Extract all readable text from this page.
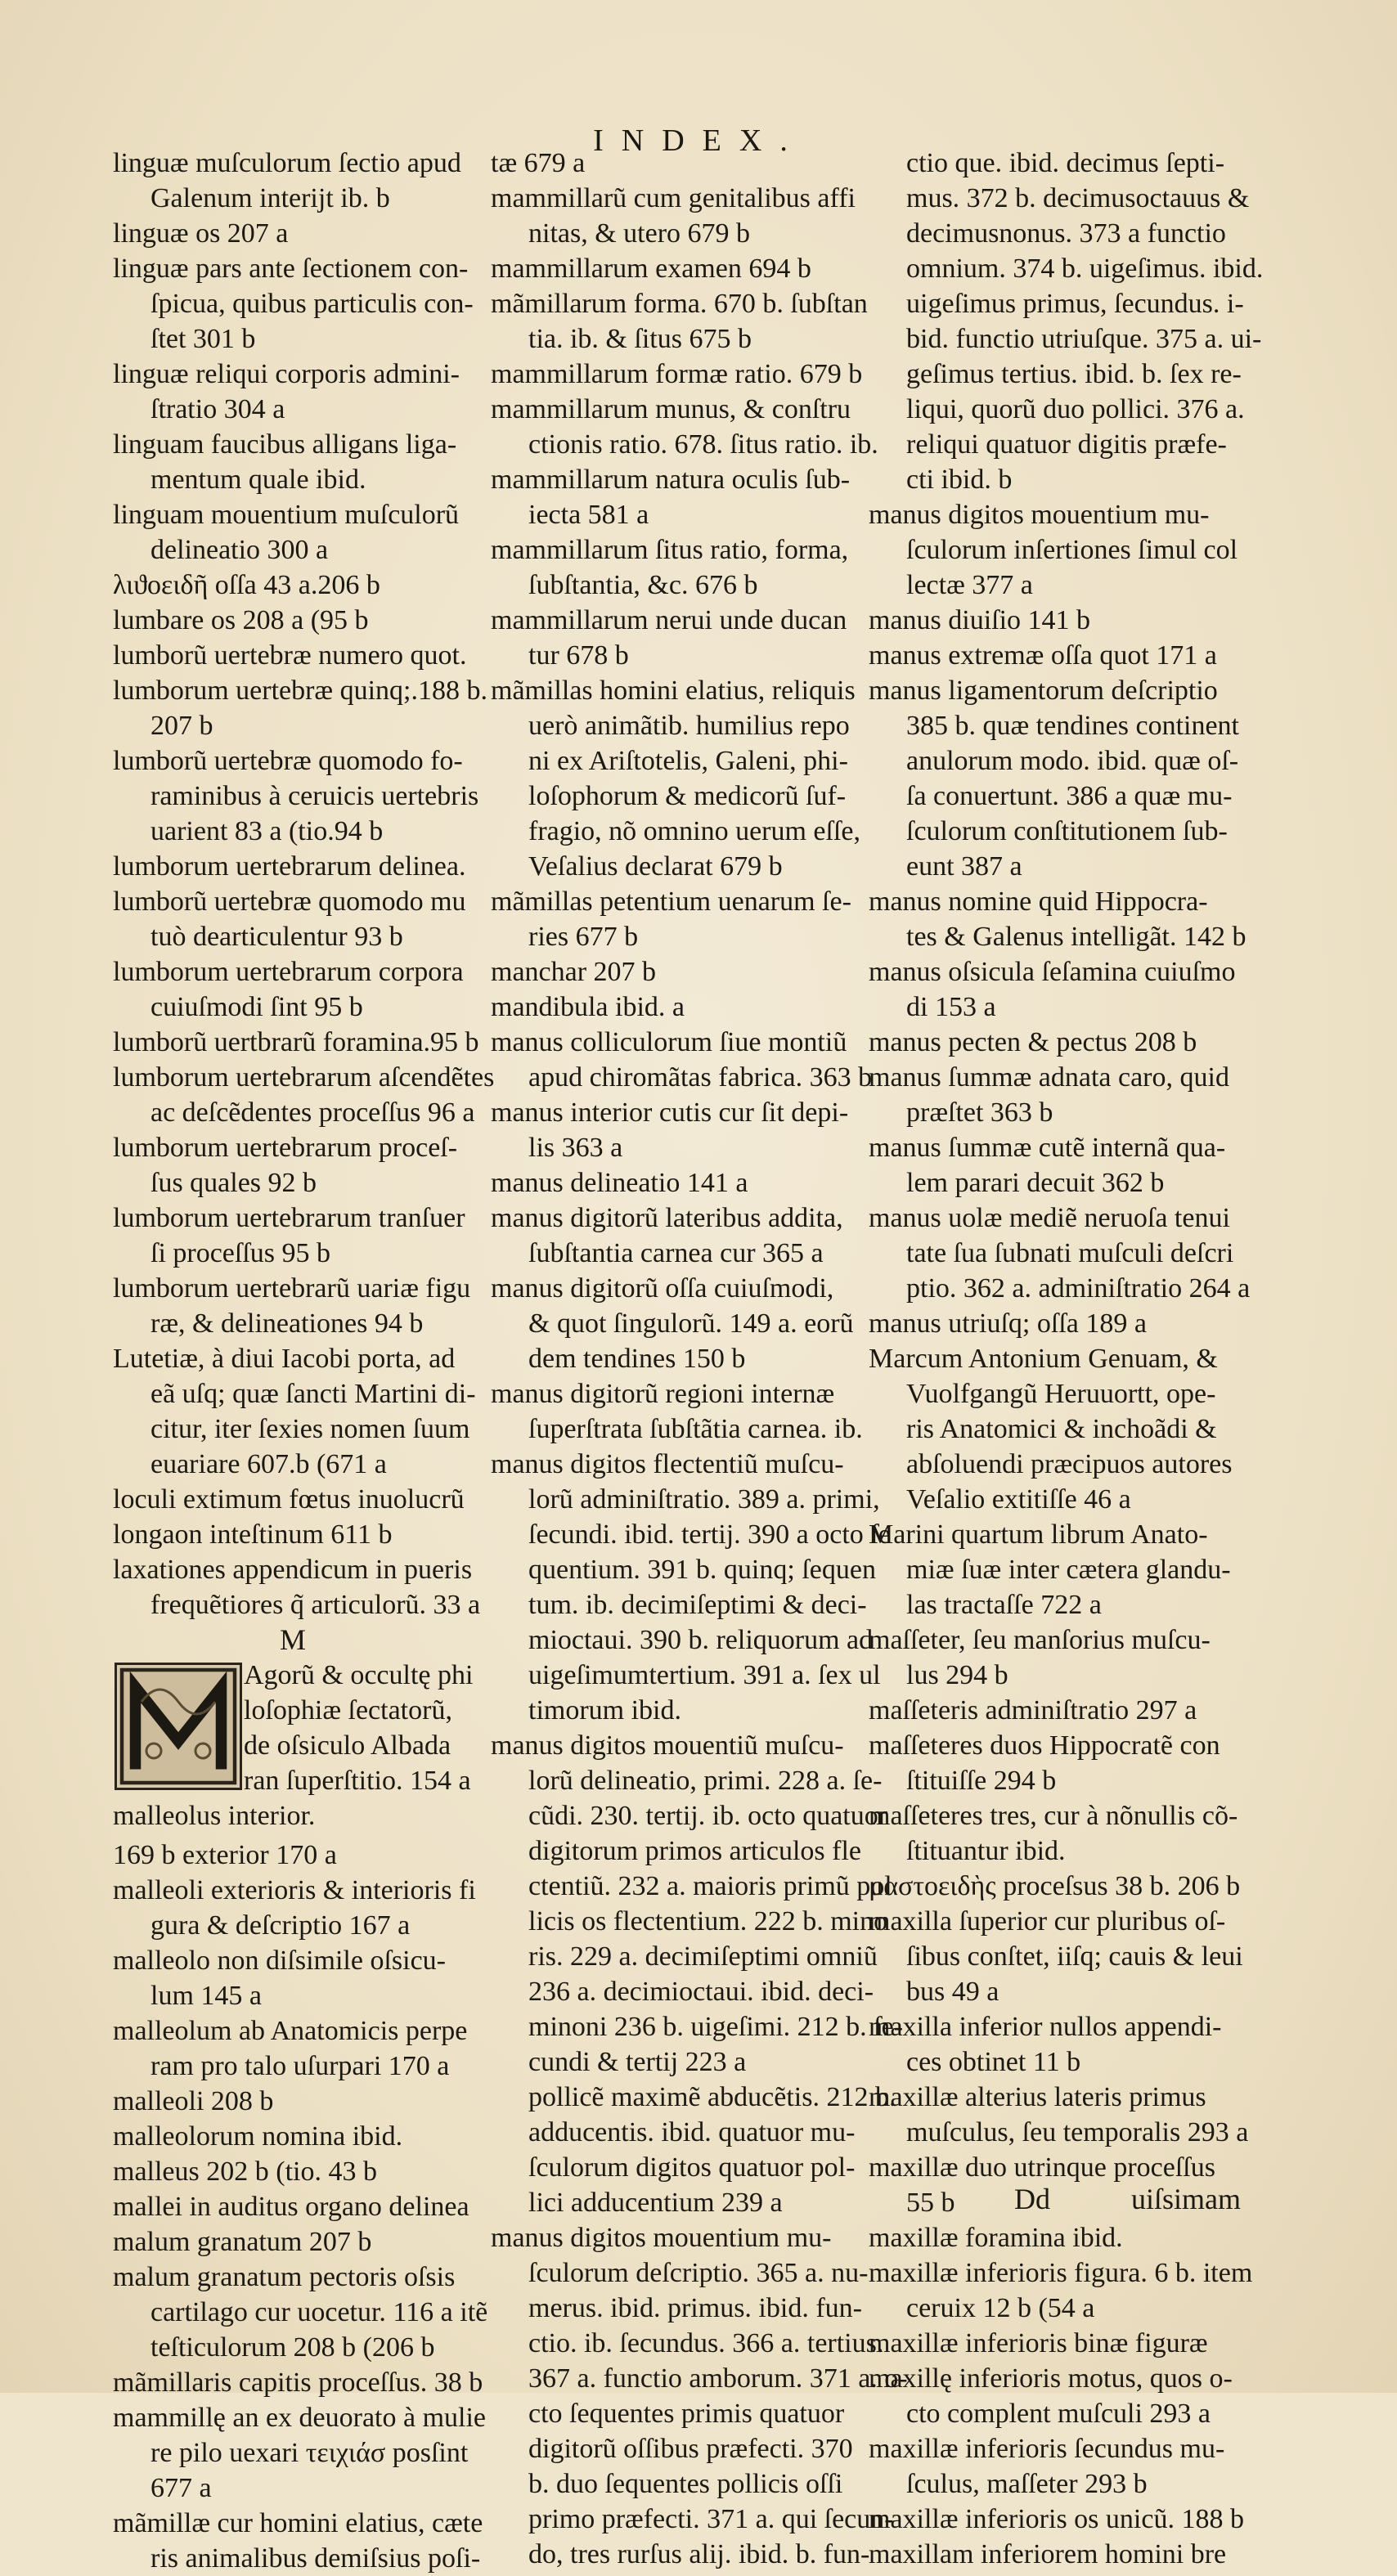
INDEX.
linguæ muſculorum ſectio apud
Galenum interijt ib. b
linguæ os 207 a
linguæ pars ante ſectionem con-
ſpicua, quibus particulis con-
ſtet 301 b
linguæ reliqui corporis admini-
ſtratio 304 a
linguam faucibus alligans liga-
mentum quale ibid.
linguam mouentium muſculorũ
delineatio 300 a
λιϑοειδῆ oſſa 43 a.206 b
lumbare os 208 a (95 b
lumborũ uertebræ numero quot.
lumborum uertebræ quinq;.188 b.
207 b
lumborũ uertebræ quomodo fo-
raminibus à ceruicis uertebris
uarient 83 a (tio.94 b
lumborum uertebrarum delinea.
lumborũ uertebræ quomodo mu
tuò dearticulentur 93 b
lumborum uertebrarum corpora
cuiuſmodi ſint 95 b
lumborũ uertbrarũ foramina.95 b
lumborum uertebrarum aſcendẽtes
ac deſcẽdentes proceſſus 96 a
lumborum uertebrarum proceſ-
ſus quales 92 b
lumborum uertebrarum tranſuer
ſi proceſſus 95 b
lumborum uertebrarũ uariæ figu
ræ, & delineationes 94 b
Lutetiæ, à diui Iacobi porta, ad
eã uſq; quæ ſancti Martini di-
citur, iter ſexies nomen ſuum
euariare 607.b (671 a
loculi extimum fœtus inuolucrũ
longaon inteſtinum 611 b
laxationes appendicum in pueris
frequẽtiores q̃ articulorũ. 33 a
M
Agorũ & occultę phi
loſophiæ ſectatorũ,
de oſsiculo Albada
ran ſuperſtitio. 154 a
malleolus interior.
169 b exterior 170 a
malleoli exterioris & interioris fi
gura & deſcriptio 167 a
malleolo non diſsimile oſsicu-
lum 145 a
malleolum ab Anatomicis perpe
ram pro talo uſurpari 170 a
malleoli 208 b
malleolorum nomina ibid.
malleus 202 b (tio. 43 b
mallei in auditus organo delinea
malum granatum 207 b
malum granatum pectoris oſsis
cartilago cur uocetur. 116 a itẽ
teſticulorum 208 b (206 b
mãmillaris capitis proceſſus. 38 b
mammillę an ex deuorato à mulie
re pilo uexari τειχιάσ posſint
677 a
mãmillæ cur homini elatius, cæte
ris animalibus demiſsius poſi-
tæ 679 a
mammillarũ cum genitalibus affi
nitas, & utero 679 b
mammillarum examen 694 b
mãmillarum forma. 670 b. ſubſtan
tia. ib. & ſitus 675 b
mammillarum formæ ratio. 679 b
mammillarum munus, & conſtru
ctionis ratio. 678. ſitus ratio. ib.
mammillarum natura oculis ſub-
iecta 581 a
mammillarum ſitus ratio, forma,
ſubſtantia, &c. 676 b
mammillarum nerui unde ducan
tur 678 b
mãmillas homini elatius, reliquis
uerò animãtib. humilius repo
ni ex Ariſtotelis, Galeni, phi-
loſophorum & medicorũ ſuf-
fragio, nõ omnino uerum eſſe,
Veſalius declarat 679 b
mãmillas petentium uenarum ſe-
ries 677 b
manchar 207 b
mandibula ibid. a
manus colliculorum ſiue montiũ
apud chiromãtas fabrica. 363 b
manus interior cutis cur ſit depi-
lis 363 a
manus delineatio 141 a
manus digitorũ lateribus addita,
ſubſtantia carnea cur 365 a
manus digitorũ oſſa cuiuſmodi,
& quot ſingulorũ. 149 a. eorũ
dem tendines 150 b
manus digitorũ regioni internæ
ſuperſtrata ſubſtãtia carnea. ib.
manus digitos flectentiũ muſcu-
lorũ adminiſtratio. 389 a. primi,
ſecundi. ibid. tertij. 390 a octo ſe
quentium. 391 b. quinq; ſequen
tum. ib. decimiſeptimi & deci-
mioctaui. 390 b. reliquorum ad
uigeſimumtertium. 391 a. ſex ul
timorum ibid.
manus digitos mouentiũ muſcu-
lorũ delineatio, primi. 228 a. ſe-
cũdi. 230. tertij. ib. octo quatuor
digitorum primos articulos fle
ctentiũ. 232 a. maioris primũ pol
licis os flectentium. 222 b. mino
ris. 229 a. decimiſeptimi omniũ
236 a. decimioctaui. ibid. deci-
minoni 236 b. uigeſimi. 212 b. ſe-
cundi & tertij 223 a
pollicẽ maximẽ abducẽtis. 212 b.
adducentis. ibid. quatuor mu-
ſculorum digitos quatuor pol-
lici adducentium 239 a
manus digitos mouentium mu-
ſculorum deſcriptio. 365 a. nu-
merus. ibid. primus. ibid. fun-
ctio. ib. ſecundus. 366 a. tertius.
367 a. functio amborum. 371 a. o-
cto ſequentes primis quatuor
digitorũ oſſibus præfecti. 370
b. duo ſequentes pollicis oſſi
primo præfecti. 371 a. qui ſecun-
do, tres rurſus alij. ibid. b. fun-
ctio que. ibid. decimus ſepti-
mus. 372 b. decimusoctauus &
decimusnonus. 373 a functio
omnium. 374 b. uigeſimus. ibid.
uigeſimus primus, ſecundus. i-
bid. functio utriuſque. 375 a. ui-
geſimus tertius. ibid. b. ſex re-
liqui, quorũ duo pollici. 376 a.
reliqui quatuor digitis præfe-
cti ibid. b
manus digitos mouentium mu-
ſculorum inſertiones ſimul col
lectæ 377 a
manus diuiſio 141 b
manus extremæ oſſa quot 171 a
manus ligamentorum deſcriptio
385 b. quæ tendines continent
anulorum modo. ibid. quæ oſ-
ſa conuertunt. 386 a quæ mu-
ſculorum conſtitutionem ſub-
eunt 387 a
manus nomine quid Hippocra-
tes & Galenus intelligãt. 142 b
manus oſsicula ſeſamina cuiuſmo
di 153 a
manus pecten & pectus 208 b
manus ſummæ adnata caro, quid
præſtet 363 b
manus ſummæ cutẽ internã qua-
lem parari decuit 362 b
manus uolæ mediẽ neruoſa tenui
tate ſua ſubnati muſculi deſcri
ptio. 362 a. adminiſtratio 264 a
manus utriuſq; oſſa 189 a
Marcum Antonium Genuam, &
Vuolfgangũ Heruuortt, ope-
ris Anatomici & inchoãdi &
abſoluendi præcipuos autores
Veſalio extitiſſe 46 a
Marini quartum librum Anato-
miæ ſuæ inter cætera glandu-
las tractaſſe 722 a
maſſeter, ſeu manſorius muſcu-
lus 294 b
maſſeteris adminiſtratio 297 a
maſſeteres duos Hippocratẽ con
ſtituiſſe 294 b
maſſeteres tres, cur à nõnullis cõ-
ſtituantur ibid.
μαστοειδὴς proceſsus 38 b. 206 b
maxilla ſuperior cur pluribus oſ-
ſibus conſtet, iiſq; cauis & leui
bus 49 a
maxilla inferior nullos appendi-
ces obtinet 11 b
maxillæ alterius lateris primus
muſculus, ſeu temporalis 293 a
maxillæ duo utrinque proceſſus
55 b
maxillæ foramina ibid.
maxillæ inferioris figura. 6 b. item
ceruix 12 b (54 a
maxillæ inferioris binæ figuræ
maxillę inferioris motus, quos o-
cto complent muſculi 293 a
maxillæ inferioris ſecundus mu-
ſculus, maſſeter 293 b
maxillæ inferioris os unicũ. 188 b
maxillam inferiorem homini bre
Dd	uiſsimam
